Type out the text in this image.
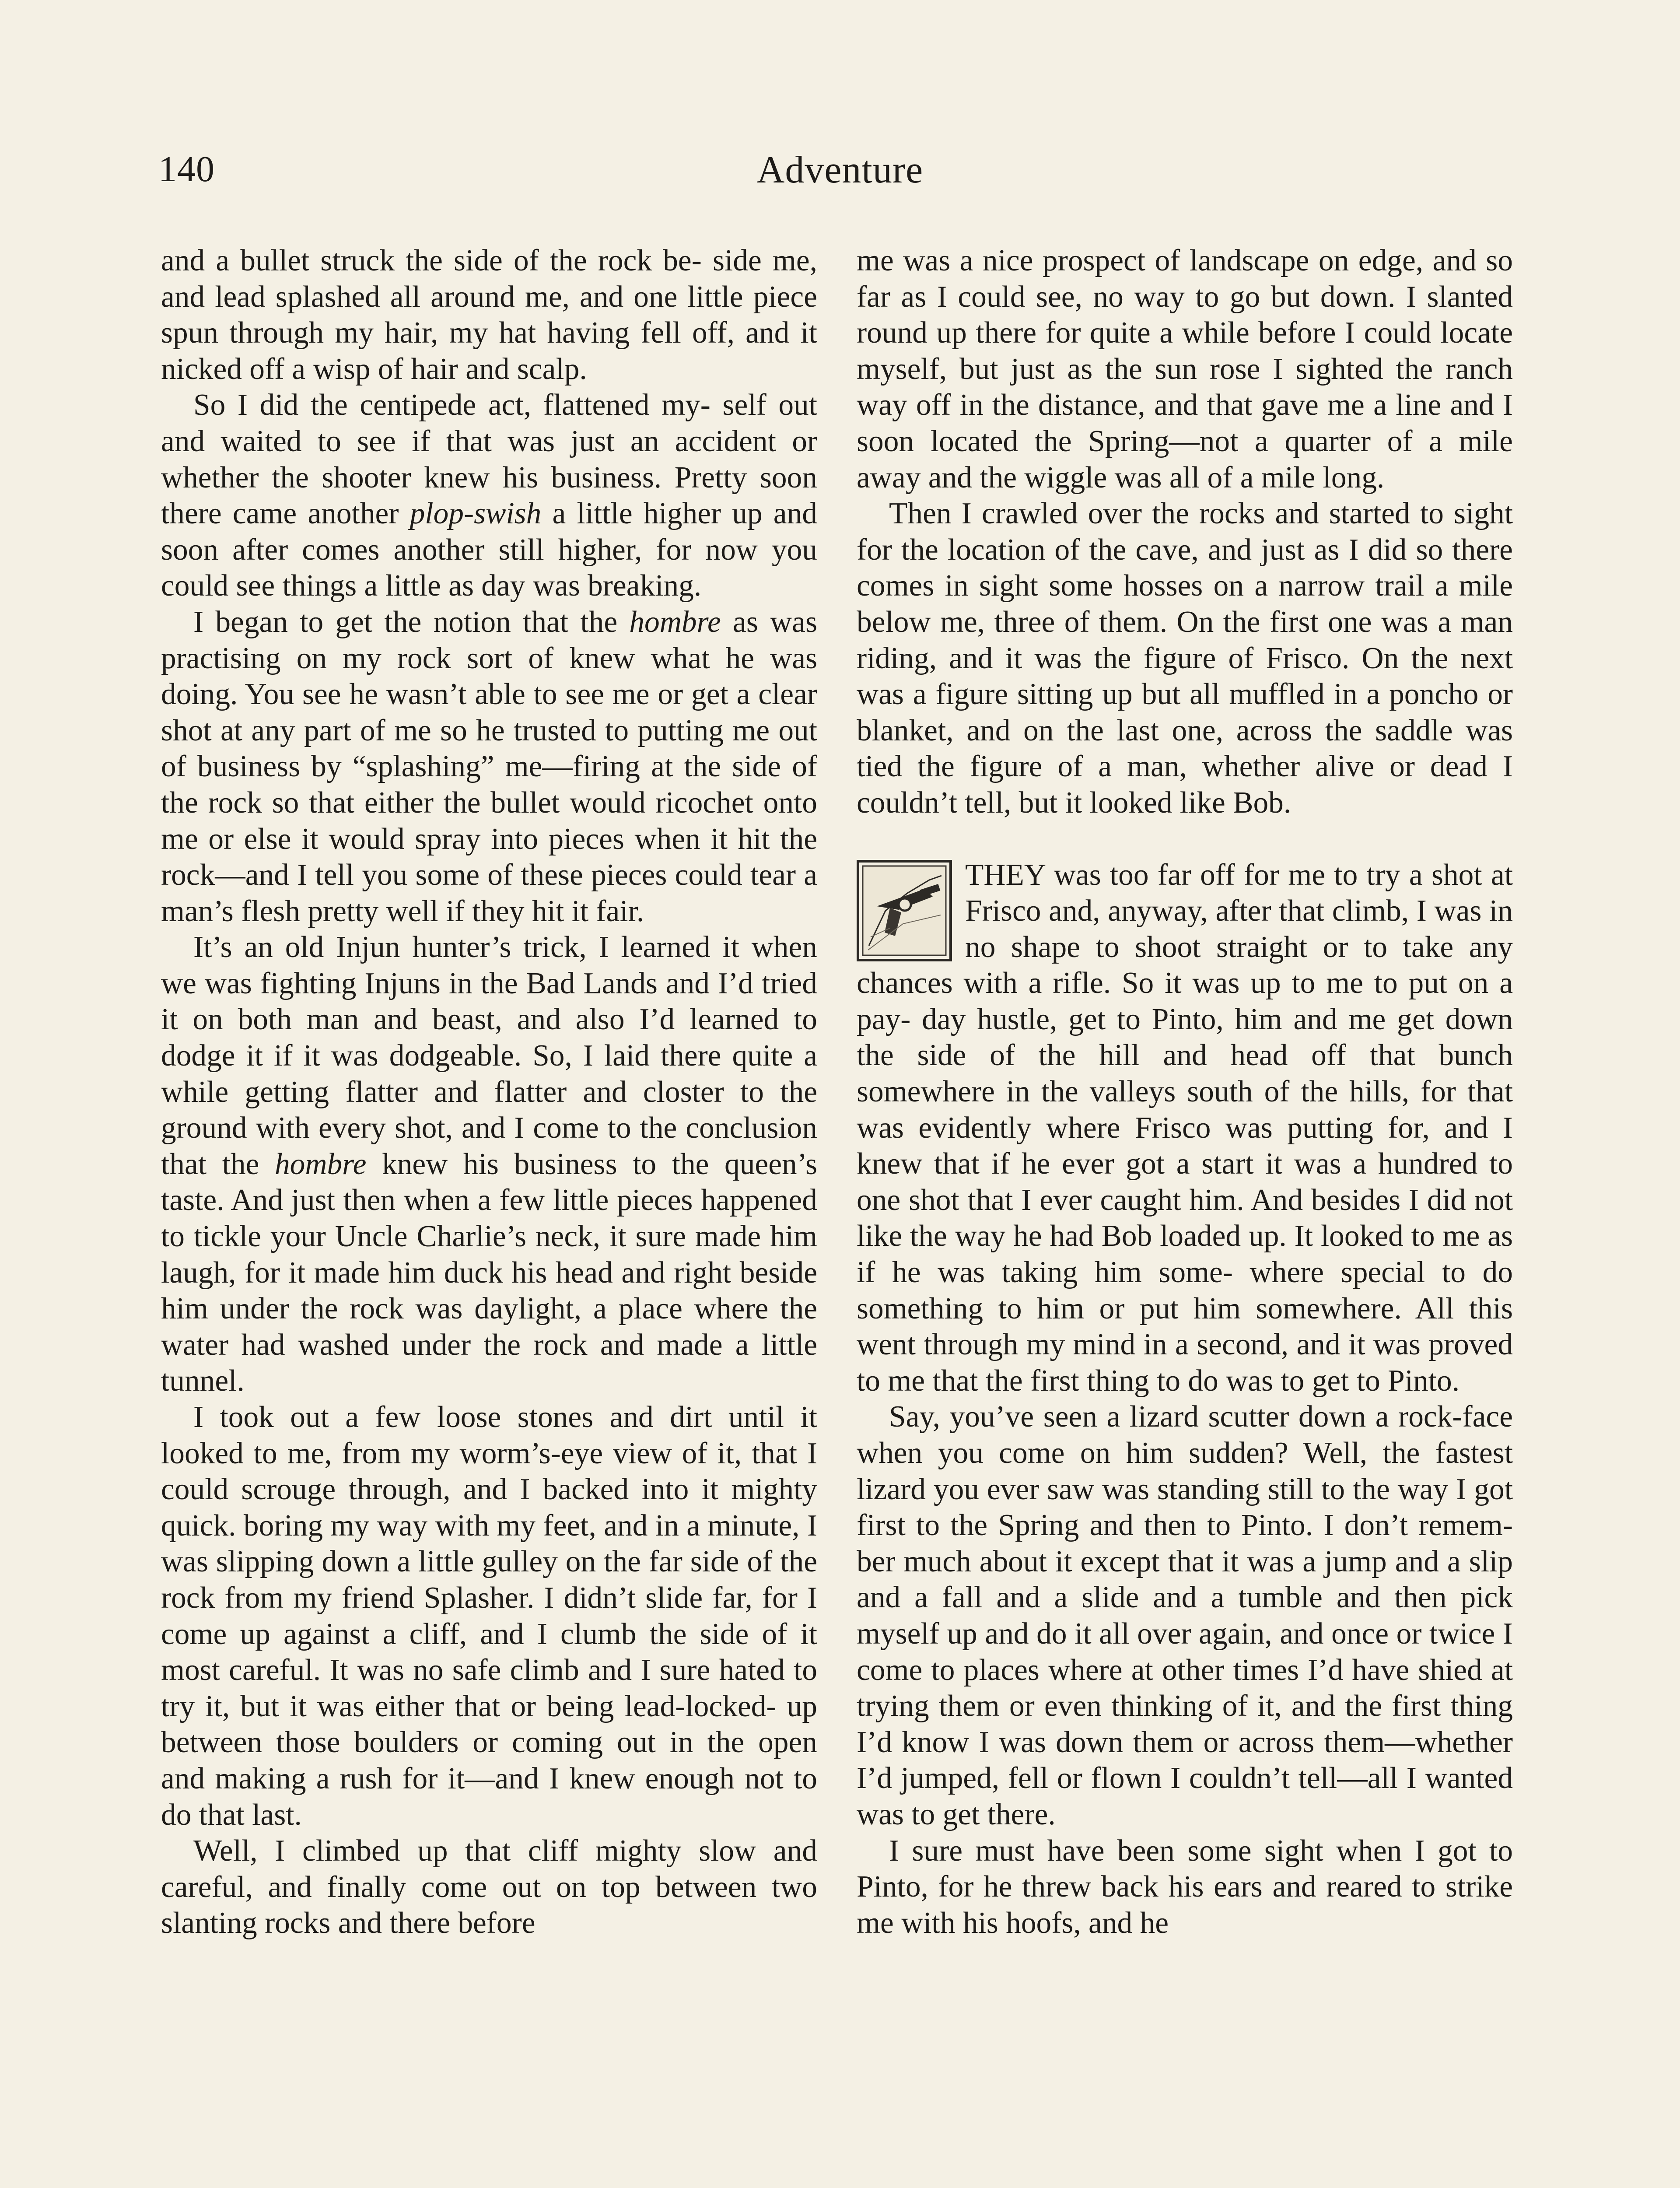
140	Adventure

and a bullet struck the side of the rock be- side me, and lead splashed all around me, and one little piece spun through my hair, my hat having fell off, and it nicked off a wisp of hair and scalp.

So I did the centipede act, flattened my- self out and waited to see if that was just an accident or whether the shooter knew his business. Pretty soon there came another plop-swish a little higher up and soon after comes another still higher, for now you could see things a little as day was breaking.

I began to get the notion that the hombre as was practising on my rock sort of knew what he was doing. You see he wasn’t able to see me or get a clear shot at any part of me so he trusted to putting me out of business by “splashing” me—firing at the side of the rock so that either the bullet would ricochet onto me or else it would spray into pieces when it hit the rock—and I tell you some of these pieces could tear a man’s flesh pretty well if they hit it fair.

It’s an old Injun hunter’s trick, I learned it when we was fighting Injuns in the Bad Lands and I’d tried it on both man and beast, and also I’d learned to dodge it if it was dodgeable. So, I laid there quite a while getting flatter and flatter and closter to the ground with every shot, and I come to the conclusion that the hombre knew his business to the queen’s taste. And just then when a few little pieces happened to tickle your Uncle Charlie’s neck, it sure made him laugh, for it made him duck his head and right beside him under the rock was daylight, a place where the water had washed under the rock and made a little tunnel.

I took out a few loose stones and dirt until it looked to me, from my worm’s-eye view of it, that I could scrouge through, and I backed into it mighty quick. boring my way with my feet, and in a minute, I was slipping down a little gulley on the far side of the rock from my friend Splasher. I didn’t slide far, for I come up against a cliff, and I clumb the side of it most careful. It was no safe climb and I sure hated to try it, but it was either that or being lead-locked- up between those boulders or coming out in the open and making a rush for it—and I knew enough not to do that last.

Well, I climbed up that cliff mighty slow and careful, and finally come out on top between two slanting rocks and there before

me was a nice prospect of landscape on edge, and so far as I could see, no way to go but down. I slanted round up there for quite a while before I could locate myself, but just as the sun rose I sighted the ranch way off in the distance, and that gave me a line and I soon located the Spring—not a quarter of a mile away and the wiggle was all of a mile long.

Then I crawled over the rocks and started to sight for the location of the cave, and just as I did so there comes in sight some hosses on a narrow trail a mile below me, three of them. On the first one was a man riding, and it was the figure of Frisco. On the next was a figure sitting up but all muffled in a poncho or blanket, and on the last one, across the saddle was tied the figure of a man, whether alive or dead I couldn’t tell, but it looked like Bob.

THEY was too far off for me to try a shot at Frisco and, anyway, after that climb, I was in no shape to shoot straight or to take any chances with a rifle. So it was up to me to put on a pay- day hustle, get to Pinto, him and me get down the side of the hill and head off that bunch somewhere in the valleys south of the hills, for that was evidently where Frisco was putting for, and I knew that if he ever got a start it was a hundred to one shot that I ever caught him. And besides I did not like the way he had Bob loaded up. It looked to me as if he was taking him some- where special to do something to him or put him somewhere. All this went through my mind in a second, and it was proved to me that the first thing to do was to get to Pinto.

Say, you’ve seen a lizard scutter down a rock-face when you come on him sudden? Well, the fastest lizard you ever saw was standing still to the way I got first to the Spring and then to Pinto. I don’t remem- ber much about it except that it was a jump and a slip and a fall and a slide and a tumble and then pick myself up and do it all over again, and once or twice I come to places where at other times I’d have shied at trying them or even thinking of it, and the first thing I’d know I was down them or across them—whether I’d jumped, fell or flown I couldn’t tell—all I wanted was to get there.

I sure must have been some sight when I got to Pinto, for he threw back his ears and reared to strike me with his hoofs, and he
